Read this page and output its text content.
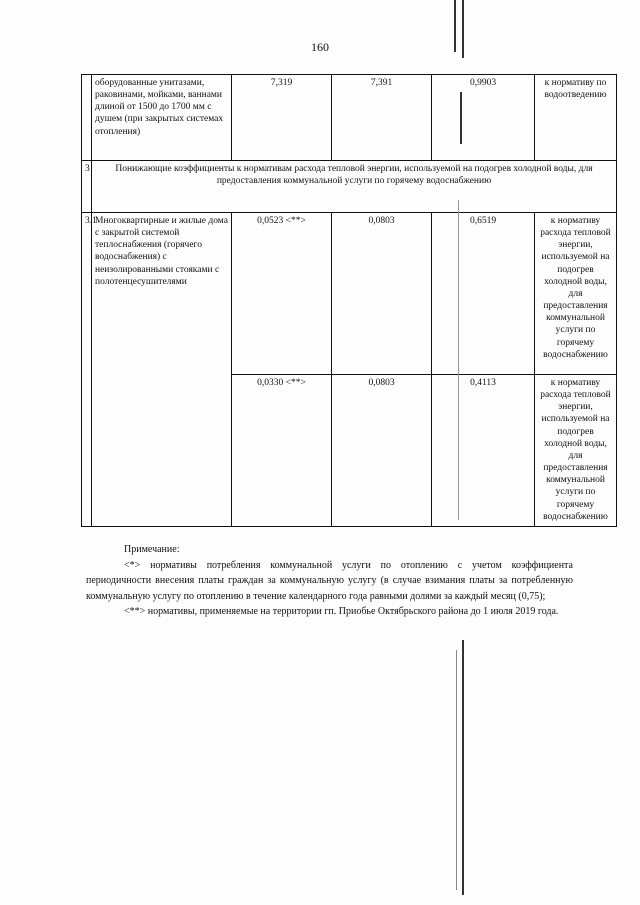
160
	оборудованные унитазами, раковинами, мойками, ваннами длиной от 1500 до 1700 мм с душем (при закрытых системах отопления)	7,319	7,391	0,9903	к нормативу по водоотведению
3	Понижающие коэффициенты к нормативам расхода тепловой энергии, используемой на подогрев холодной воды, для предоставления коммунальной услуги по горячему водоснабжению				
3.1	Многоквартирные и жилые дома с закрытой системой теплоснабжения (горячего водоснабжения) с неизолированными стояками с полотенцесушителями	0,0523 <**>	0,0803	0,6519	к нормативу расхода тепловой энергии, используемой на подогрев холодной воды, для предоставления коммунальной услуги по горячему водоснабжению
		0,0330 <**>	0,0803	0,4113	к нормативу расхода тепловой энергии, используемой на подогрев холодной воды, для предоставления коммунальной услуги по горячему водоснабжению

Примечание:

<*> нормативы потребления коммунальной услуги по отоплению с учетом коэффициента периодичности внесения платы граждан за коммунальную услугу (в случае взимания платы за потребленную коммунальную услугу по отоплению в течение календарного года равными долями за каждый месяц (0,75);

<**> нормативы, применяемые на территории гп. Приобье Октябрьского района до 1 июля 2019 года.
